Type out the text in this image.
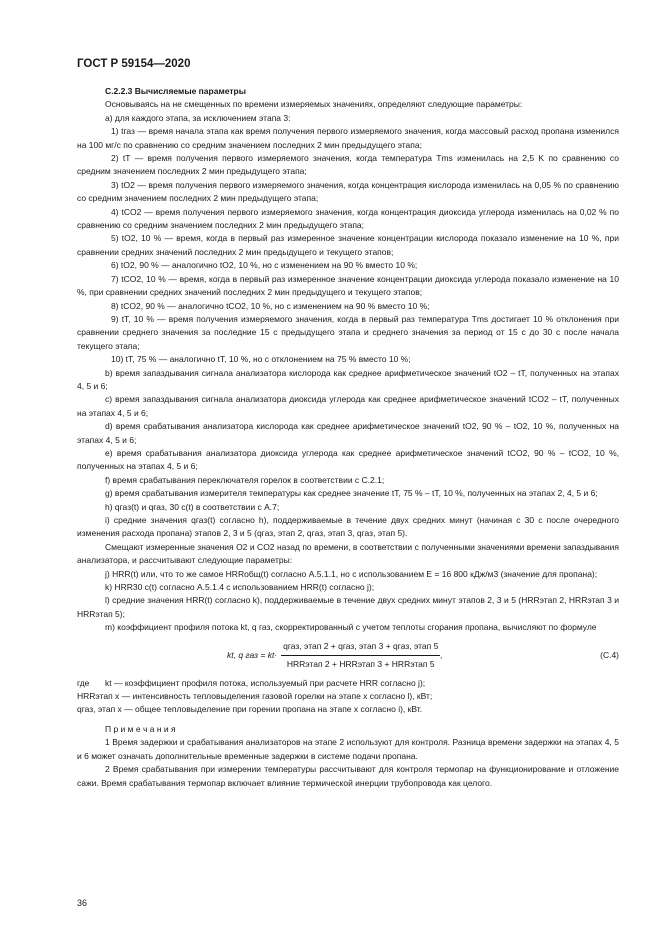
ГОСТ Р 59154—2020

С.2.2.3 Вычисляемые параметры

Основываясь на не смещенных по времени измеряемых значениях, определяют следующие параметры:

а) для каждого этапа, за исключением этапа 3:

1) tгаз — время начала этапа как время получения первого измеряемого значения, когда массовый расход пропана изменился на 100 мг/с по сравнению со средним значением последних 2 мин предыдущего этапа;

2) tT — время получения первого измеряемого значения, когда температура Tms изменилась на 2,5 K по сравнению со средним значением последних 2 мин предыдущего этапа;

3) tO2 — время получения первого измеряемого значения, когда концентрация кислорода изменилась на 0,05 % по сравнению со средним значением последних 2 мин предыдущего этапа;

4) tCO2 — время получения первого измеряемого значения, когда концентрация диоксида углерода изменилась на 0,02 % по сравнению со средним значением последних 2 мин предыдущего этапа;

5) tO2, 10 % — время, когда в первый раз измеренное значение концентрации кислорода показало изменение на 10 %, при сравнении средних значений последних 2 мин предыдущего и текущего этапов;

6) tO2, 90 % — аналогично tO2, 10 %, но с изменением на 90 % вместо 10 %;

7) tCO2, 10 % — время, когда в первый раз измеренное значение концентрации диоксида углерода показало изменение на 10 %, при сравнении средних значений последних 2 мин предыдущего и текущего этапов;

8) tCO2, 90 % — аналогично tCO2, 10 %, но с изменением на 90 % вместо 10 %;

9) tT, 10 % — время получения измеряемого значения, когда в первый раз температура Tms достигает 10 % отклонения при сравнении среднего значения за последние 15 с предыдущего этапа и среднего значения за период от 15 с до 30 с после начала текущего этапа;

10) tT, 75 % — аналогично tT, 10 %, но с отклонением на 75 % вместо 10 %;

b) время запаздывания сигнала анализатора кислорода как среднее арифметическое значений tO2 – tT, полученных на этапах 4, 5 и 6;

c) время запаздывания сигнала анализатора диоксида углерода как среднее арифметическое значений tCO2 – tT, полученных на этапах 4, 5 и 6;

d) время срабатывания анализатора кислорода как среднее арифметическое значений tO2, 90 % – tO2, 10 %, полученных на этапах 4, 5 и 6;

e) время срабатывания анализатора диоксида углерода как среднее арифметическое значений tCO2, 90 % – tCO2, 10 %, полученных на этапах 4, 5 и 6;

f) время срабатывания переключателя горелок в соответствии с С.2.1;

g) время срабатывания измерителя температуры как среднее значение tT, 75 % – tT, 10 %, полученных на этапах 2, 4, 5 и 6;

h) qгаз(t) и qгаз, 30 с(t) в соответствии с А.7;

i) средние значения qгаз(t) согласно h), поддерживаемые в течение двух средних минут (начиная с 30 с после очередного изменения расхода пропана) этапов 2, 3 и 5 (qгаз, этап 2, qгаз, этап 3, qгаз, этап 5).

Смещают измеренные значения O2 и CO2 назад по времени, в соответствии с полученными значениями времени запаздывания анализатора, и рассчитывают следующие параметры:

j) HRR(t) или, что то же самое HRRобщ(t) согласно А.5.1.1, но с использованием E = 16 800 кДж/м3 (значение для пропана);

k) HRR30 с(t) согласно А.5.1.4 с использованием HRR(t) согласно j);

l) средние значения HRR(t) согласно k), поддерживаемые в течение двух средних минут этапов 2, 3 и 5 (HRRэтап 2, HRRэтап 3 и HRRэтап 5);

m) коэффициент профиля потока kt, q газ, скорректированный с учетом теплоты сгорания пропана, вычисляют по формуле

kt, q газ = $kt\cdot \frac{\text{qгаз, этап 2 + qгаз, этап 3 + qгаз, этап 5}}{\text{HRRэтап 2 + HRRэтап 3 + HRRэтап 5}}$ ,	(С.4)
где	kt — коэффициент профиля потока, используемый при расчете HRR согласно j);

HRRэтап x — интенсивность тепловыделения газовой горелки на этапе x согласно l), кВт;

qгаз, этап x — общее тепловыделение при горении пропана на этапе x согласно i), кВт.

П р и м е ч а н и я

1 Время задержки и срабатывания анализаторов на этапе 2 используют для контроля. Разница времени задержки на этапах 4, 5 и 6 может означать дополнительные временные задержки в системе подачи пропана.

2 Время срабатывания при измерении температуры рассчитывают для контроля термопар на функционирование и отложение сажи. Время срабатывания термопар включает влияние термической инерции трубопровода как целого.

36
